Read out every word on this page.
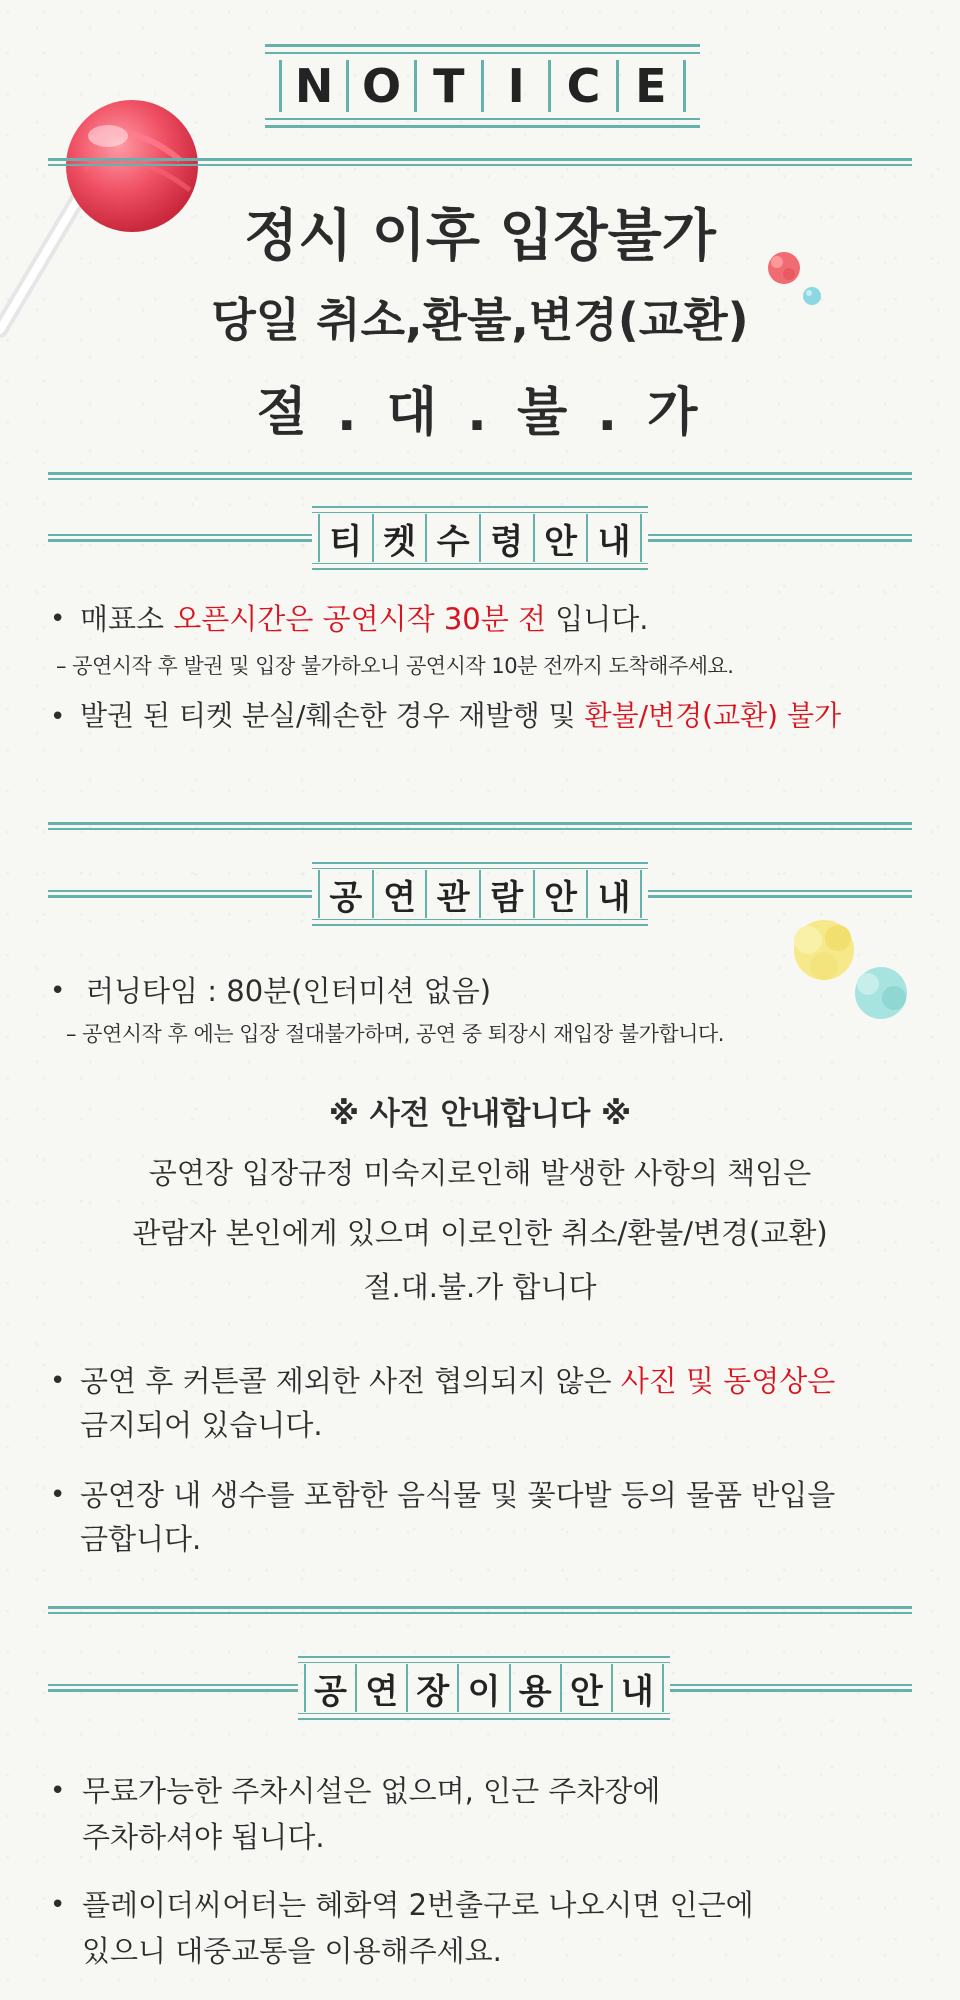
N O T I C E
정시 이후 입장불가
당일 취소,환불,변경(교환)
절 . 대 . 불 . 가
티 켓 수 령 안 내
• 매표소 오픈시간은 공연시작 30분 전 입니다.
– 공연시작 후 발권 및 입장 불가하오니 공연시작 10분 전까지 도착해주세요.
• 발권 된 티켓 분실/훼손한 경우 재발행 및 환불/변경(교환) 불가
공 연 관 람 안 내
• 러닝타임 : 80분(인터미션 없음)
– 공연시작 후 에는 입장 절대불가하며, 공연 중 퇴장시 재입장 불가합니다.
※ 사전 안내합니다 ※
공연장 입장규정 미숙지로인해 발생한 사항의 책임은
관람자 본인에게 있으며 이로인한 취소/환불/변경(교환)
절.대.불.가 합니다
• 공연 후 커튼콜 제외한 사전 협의되지 않은 사진 및 동영상은
금지되어 있습니다.
• 공연장 내 생수를 포함한 음식물 및 꽃다발 등의 물품 반입을
금합니다.
공 연 장 이 용 안 내
• 무료가능한 주차시설은 없으며, 인근 주차장에
주차하셔야 됩니다.
• 플레이더씨어터는 혜화역 2번출구로 나오시면 인근에
있으니 대중교통을 이용해주세요.
